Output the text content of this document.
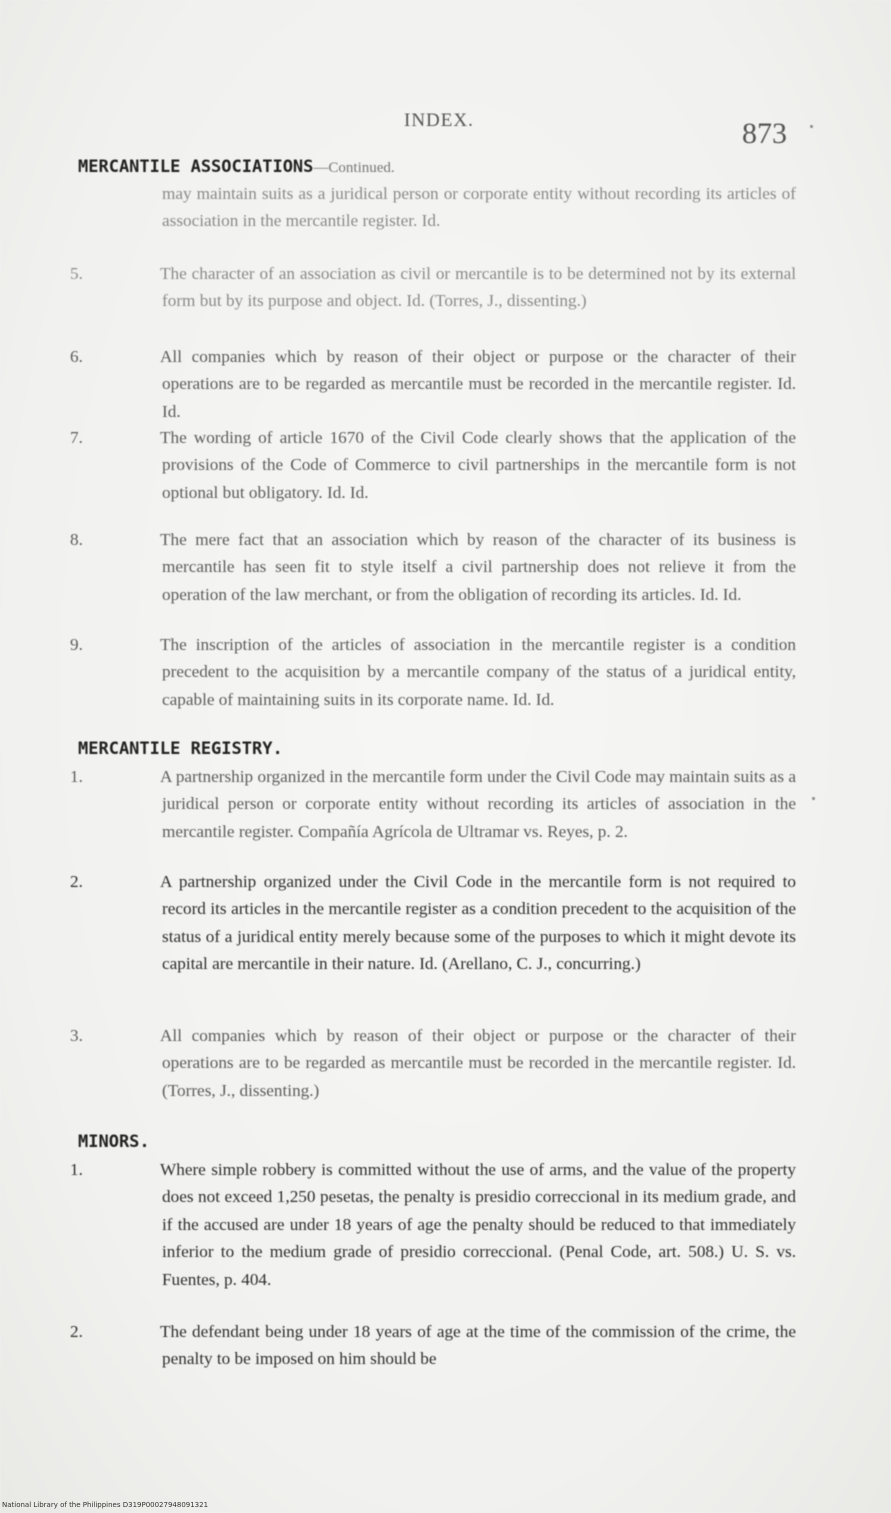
INDEX.	873
MERCANTILE ASSOCIATIONS—Continued.
may maintain suits as a juridical person or corporate entity without recording its articles of association in the mercantile register. Id.
5.	The character of an association as civil or mercantile is to be determined not by its external form but by its purpose and object. Id. (Torres, J., dissenting.)
6.	All companies which by reason of their object or purpose or the character of their operations are to be regarded as mercantile must be recorded in the mercantile register. Id. Id.
7.	The wording of article 1670 of the Civil Code clearly shows that the application of the provisions of the Code of Commerce to civil partnerships in the mercantile form is not optional but obligatory. Id. Id.
8.	The mere fact that an association which by reason of the character of its business is mercantile has seen fit to style itself a civil partnership does not relieve it from the operation of the law merchant, or from the obligation of recording its articles. Id. Id.
9.	The inscription of the articles of association in the mercantile register is a condition precedent to the acquisition by a mercantile company of the status of a juridical entity, capable of maintaining suits in its corporate name. Id. Id.
MERCANTILE REGISTRY.
1.	A partnership organized in the mercantile form under the Civil Code may maintain suits as a juridical person or corporate entity without recording its articles of association in the mercantile register. Compañía Agrícola de Ultramar vs. Reyes, p. 2.
2.	A partnership organized under the Civil Code in the mercantile form is not required to record its articles in the mercantile register as a condition precedent to the acquisition of the status of a juridical entity merely because some of the purposes to which it might devote its capital are mercantile in their nature. Id. (Arellano, C. J., concurring.)
3.	All companies which by reason of their object or purpose or the character of their operations are to be regarded as mercantile must be recorded in the mercantile register. Id. (Torres, J., dissenting.)
MINORS.
1.	Where simple robbery is committed without the use of arms, and the value of the property does not exceed 1,250 pesetas, the penalty is presidio correccional in its medium grade, and if the accused are under 18 years of age the penalty should be reduced to that immediately inferior to the medium grade of presidio correccional. (Penal Code, art. 508.) U. S. vs. Fuentes, p. 404.
2.	The defendant being under 18 years of age at the time of the commission of the crime, the penalty to be imposed on him should be
National Library of the Philippines D319P00027948091321
